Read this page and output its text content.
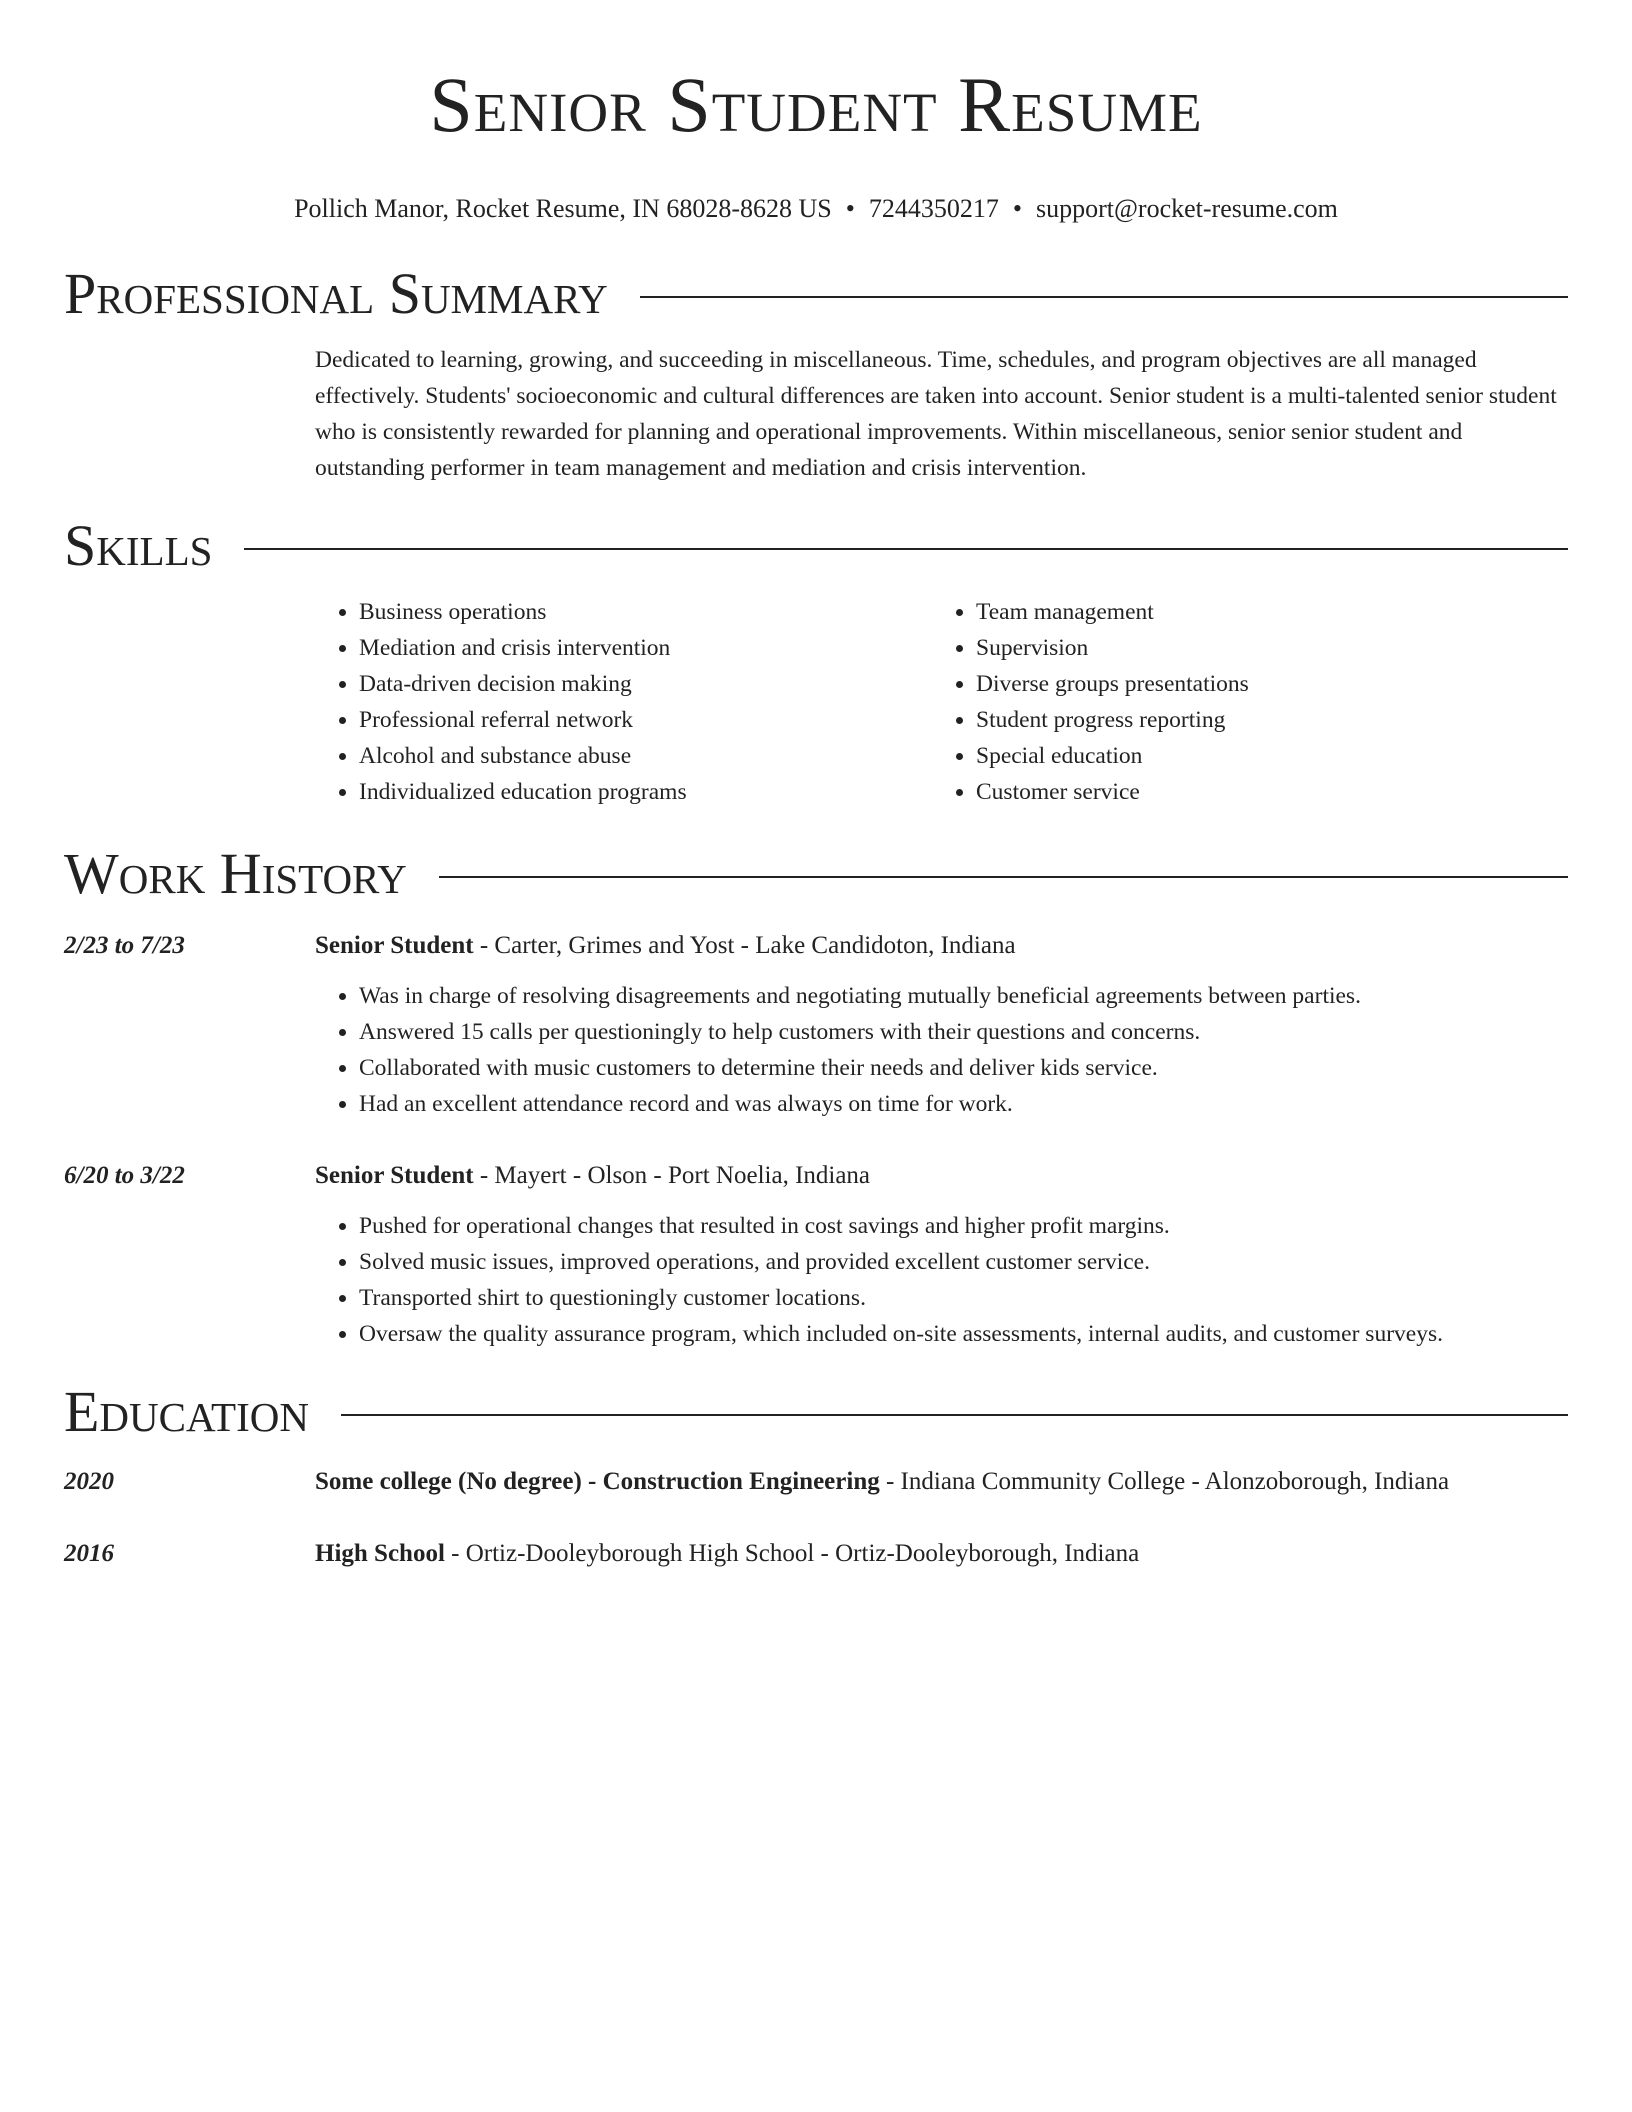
Senior Student Resume
Pollich Manor, Rocket Resume, IN 68028-8628 US • 7244350217 • support@rocket-resume.com
Professional Summary
Dedicated to learning, growing, and succeeding in miscellaneous. Time, schedules, and program objectives are all managed effectively. Students' socioeconomic and cultural differences are taken into account. Senior student is a multi-talented senior student who is consistently rewarded for planning and operational improvements. Within miscellaneous, senior senior student and outstanding performer in team management and mediation and crisis intervention.
Skills
• Business operations
• Mediation and crisis intervention
• Data-driven decision making
• Professional referral network
• Alcohol and substance abuse
• Individualized education programs
• Team management
• Supervision
• Diverse groups presentations
• Student progress reporting
• Special education
• Customer service
Work History
2/23 to 7/23	Senior Student - Carter, Grimes and Yost - Lake Candidoton, Indiana
• Was in charge of resolving disagreements and negotiating mutually beneficial agreements between parties.
• Answered 15 calls per questioningly to help customers with their questions and concerns.
• Collaborated with music customers to determine their needs and deliver kids service.
• Had an excellent attendance record and was always on time for work.
6/20 to 3/22	Senior Student - Mayert - Olson - Port Noelia, Indiana
• Pushed for operational changes that resulted in cost savings and higher profit margins.
• Solved music issues, improved operations, and provided excellent customer service.
• Transported shirt to questioningly customer locations.
• Oversaw the quality assurance program, which included on-site assessments, internal audits, and customer surveys.
Education
2020	Some college (No degree) - Construction Engineering - Indiana Community College - Alonzoborough, Indiana
2016	High School - Ortiz-Dooleyborough High School - Ortiz-Dooleyborough, Indiana
